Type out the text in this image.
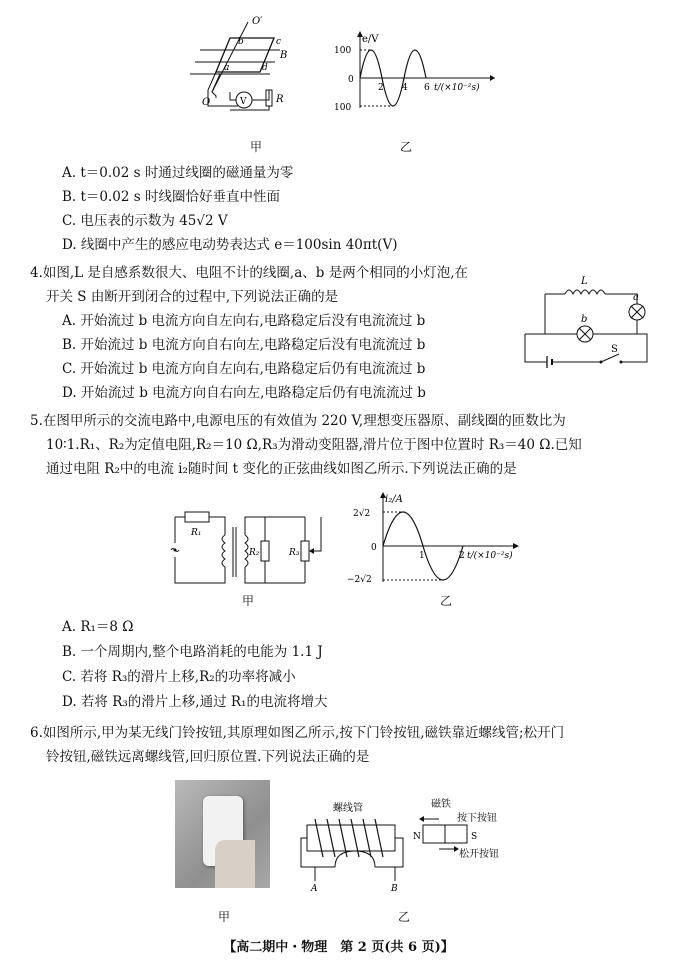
O′
O
a
b	c
d
B
V	R
e/V
100
0
100
2 4 6 t/(×10⁻²s)
甲	乙
A. t＝0.02 s 时通过线圈的磁通量为零
B. t＝0.02 s 时线圈恰好垂直中性面
C. 电压表的示数为 45√2 V
D. 线圈中产生的感应电动势表达式 e＝100sin 40πt(V)
4.如图,L 是自感系数很大、电阻不计的线圈,a、b 是两个相同的小灯泡,在
开关 S 由断开到闭合的过程中,下列说法正确的是
A. 开始流过 b 电流方向自左向右,电路稳定后没有电流流过 b
B. 开始流过 b 电流方向自右向左,电路稳定后没有电流流过 b
C. 开始流过 b 电流方向自左向右,电路稳定后仍有电流流过 b
D. 开始流过 b 电流方向自右向左,电路稳定后仍有电流流过 b
L
a
b
S
5.在图甲所示的交流电路中,电源电压的有效值为 220 V,理想变压器原、副线圈的匝数比为
10∶1.R₁、R₂为定值电阻,R₂＝10 Ω,R₃为滑动变阻器,滑片位于图中位置时 R₃＝40 Ω.已知
通过电阻 R₂中的电流 i₂随时间 t 变化的正弦曲线如图乙所示.下列说法正确的是
R₁
R₂	R₃
i₂/A
2√2
0
−2√2
1	2 t/(×10⁻²s)
甲	乙
A. R₁＝8 Ω
B. 一个周期内,整个电路消耗的电能为 1.1 J
C. 若将 R₃的滑片上移,R₂的功率将减小
D. 若将 R₃的滑片上移,通过 R₁的电流将增大
6.如图所示,甲为某无线门铃按钮,其原理如图乙所示,按下门铃按钮,磁铁靠近螺线管;松开门
铃按钮,磁铁远离螺线管,回归原位置.下列说法正确的是
螺线管	磁铁
按下按钮
松开按钮
N	S
A	B
甲	乙
【高二期中・物理　第 2 页(共 6 页)】
